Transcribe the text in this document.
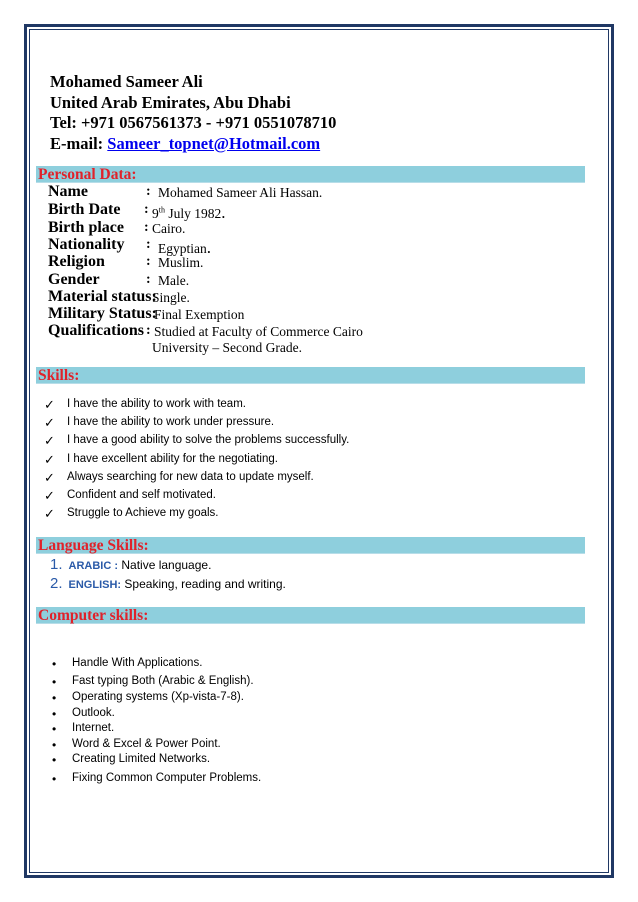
Mohamed Sameer Ali
United Arab Emirates, Abu Dhabi
Tel: +971 0567561373 - +971 0551078710
E-mail: Sameer_topnet@Hotmail.com
Personal Data:
Name	: Mohamed Sameer Ali Hassan.
Birth Date : 9th July 1982.
Birth place : Cairo.
Nationality : Egyptian.
Religion	: Muslim.
Gender	: Male.
Material status:
Single.
Military Status:
Final Exemption
Qualifications : Studied at Faculty of Commerce Cairo
University – Second Grade.
Skills:
✓ I have the ability to work with team.
✓ I have the ability to work under pressure.
✓ I have a good ability to solve the problems successfully.
✓ I have excellent ability for the negotiating.
✓ Always searching for new data to update myself.
✓ Confident and self motivated.
✓ Struggle to Achieve my goals.
Language Skills:
1. ARABIC : Native language.
2. ENGLISH: Speaking, reading and writing.
Computer skills:
• Handle With Applications.
• Fast typing Both (Arabic & English).
• Operating systems (Xp-vista-7-8).
• Outlook.
• Internet.
• Word & Excel & Power Point.
• Creating Limited Networks.
• Fixing Common Computer Problems.
